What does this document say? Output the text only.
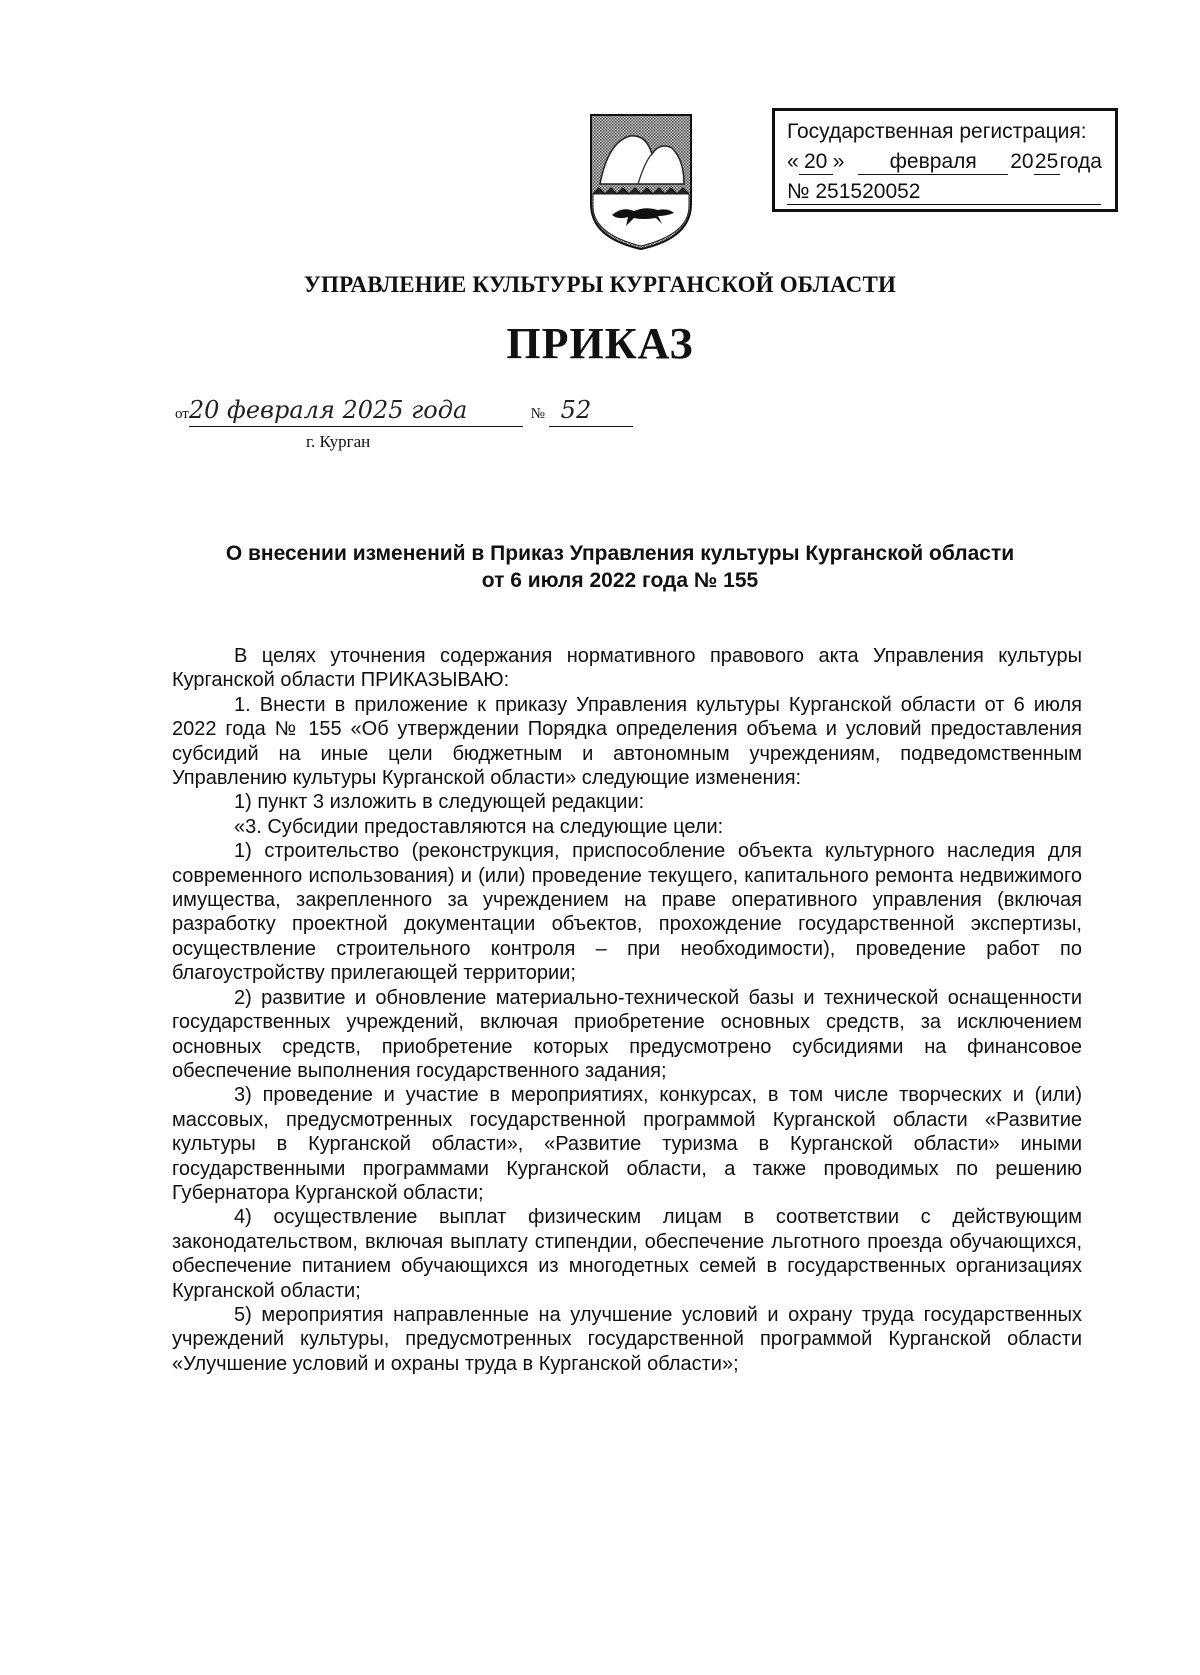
Государственная регистрация:
« 20 » февраля 2025года
№ 251520052
УПРАВЛЕНИЕ КУЛЬТУРЫ КУРГАНСКОЙ ОБЛАСТИ
ПРИКАЗ
от20 февраля 2025 года	№ 52
г. Курган
О внесении изменений в Приказ Управления культуры Курганской области
от 6 июля 2022 года № 155

В целях уточнения содержания нормативного правового акта Управления культуры Курганской области ПРИКАЗЫВАЮ:

1. Внести в приложение к приказу Управления культуры Курганской области от 6 июля 2022 года № 155 «Об утверждении Порядка определения объема и условий предоставления субсидий на иные цели бюджетным и автономным учреждениям, подведомственным Управлению культуры Курганской области» следующие изменения:

1) пункт 3 изложить в следующей редакции:

«3. Субсидии предоставляются на следующие цели:

1) строительство (реконструкция, приспособление объекта культурного наследия для современного использования) и (или) проведение текущего, капитального ремонта недвижимого имущества, закрепленного за учреждением на праве оперативного управления (включая разработку проектной документации объектов, прохождение государственной экспертизы, осуществление строительного контроля – при необходимости), проведение работ по благоустройству прилегающей территории;

2) развитие и обновление материально-технической базы и технической оснащенности государственных учреждений, включая приобретение основных средств, за исключением основных средств, приобретение которых предусмотрено субсидиями на финансовое обеспечение выполнения государственного задания;

3) проведение и участие в мероприятиях, конкурсах, в том числе творческих и (или) массовых, предусмотренных государственной программой Курганской области «Развитие культуры в Курганской области», «Развитие туризма в Курганской области» иными государственными программами Курганской области, а также проводимых по решению Губернатора Курганской области;

4) осуществление выплат физическим лицам в соответствии с действующим законодательством, включая выплату стипендии, обеспечение льготного проезда обучающихся, обеспечение питанием обучающихся из многодетных семей в государственных организациях Курганской области;

5) мероприятия направленные на улучшение условий и охрану труда государственных учреждений культуры, предусмотренных государственной программой Курганской области «Улучшение условий и охраны труда в Курганской области»;
